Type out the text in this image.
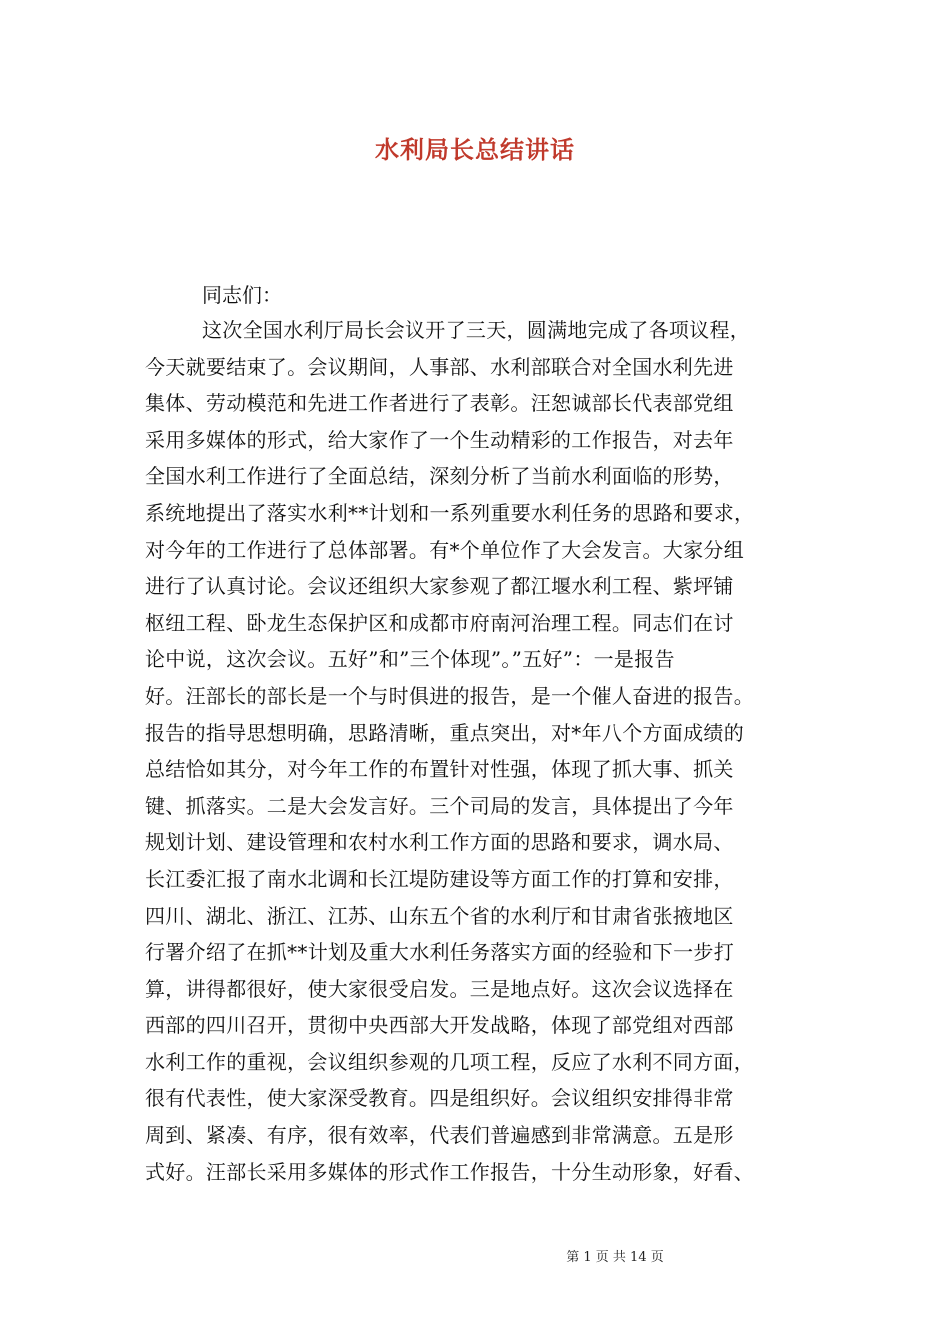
水利局长总结讲话

同志们：

这次全国水利厅局长会议开了三天，圆满地完成了各项议程，
今天就要结束了。会议期间，人事部、水利部联合对全国水利先进
集体、劳动模范和先进工作者进行了表彰。汪恕诚部长代表部党组
采用多媒体的形式，给大家作了一个生动精彩的工作报告，对去年
全国水利工作进行了全面总结，深刻分析了当前水利面临的形势，
系统地提出了落实水利**计划和一系列重要水利任务的思路和要求，
对今年的工作进行了总体部署。有*个单位作了大会发言。大家分组
进行了认真讨论。会议还组织大家参观了都江堰水利工程、紫坪铺
枢纽工程、卧龙生态保护区和成都市府南河治理工程。同志们在讨
论中说，这次会议。五好”和”三个体现”。”五好”：一是报告
好。汪部长的部长是一个与时俱进的报告，是一个催人奋进的报告。
报告的指导思想明确，思路清晰，重点突出，对*年八个方面成绩的
总结恰如其分，对今年工作的布置针对性强，体现了抓大事、抓关
键、抓落实。二是大会发言好。三个司局的发言，具体提出了今年
规划计划、建设管理和农村水利工作方面的思路和要求，调水局、
长江委汇报了南水北调和长江堤防建设等方面工作的打算和安排，
四川、湖北、浙江、江苏、山东五个省的水利厅和甘肃省张掖地区
行署介绍了在抓**计划及重大水利任务落实方面的经验和下一步打
算，讲得都很好，使大家很受启发。三是地点好。这次会议选择在
西部的四川召开，贯彻中央西部大开发战略，体现了部党组对西部
水利工作的重视，会议组织参观的几项工程，反应了水利不同方面，
很有代表性，使大家深受教育。四是组织好。会议组织安排得非常
周到、紧凑、有序，很有效率，代表们普遍感到非常满意。五是形
式好。汪部长采用多媒体的形式作工作报告，十分生动形象，好看、
第 1 页 共 14 页
